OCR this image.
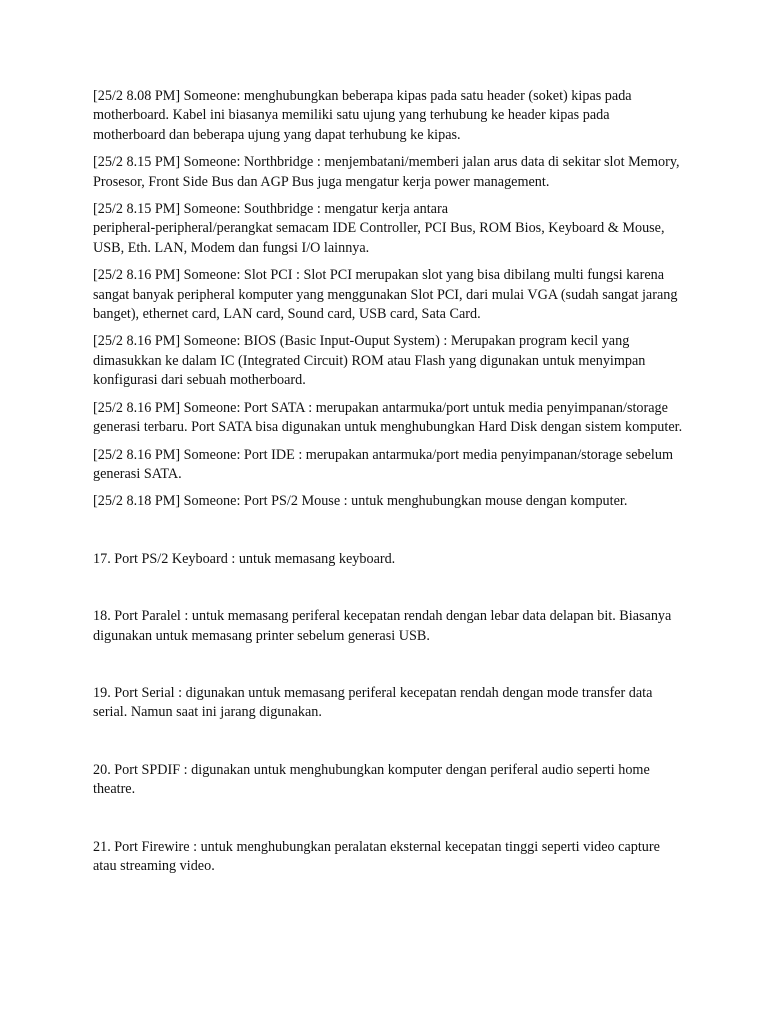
[25/2 8.08 PM] Someone: menghubungkan beberapa kipas pada satu header (soket) kipas pada motherboard. Kabel ini biasanya memiliki satu ujung yang terhubung ke header kipas pada motherboard dan beberapa ujung yang dapat terhubung ke kipas.

[25/2 8.15 PM] Someone: Northbridge : menjembatani/memberi jalan arus data di sekitar slot Memory, Prosesor, Front Side Bus dan AGP Bus juga mengatur kerja power management.

[25/2 8.15 PM] Someone: Southbridge : mengatur kerja antara
peripheral-peripheral/perangkat semacam IDE Controller, PCI Bus, ROM Bios, Keyboard & Mouse, USB, Eth. LAN, Modem dan fungsi I/O lainnya.

[25/2 8.16 PM] Someone: Slot PCI : Slot PCI merupakan slot yang bisa dibilang multi fungsi karena sangat banyak peripheral komputer yang menggunakan Slot PCI, dari mulai VGA (sudah sangat jarang banget), ethernet card, LAN card, Sound card, USB card, Sata Card.

[25/2 8.16 PM] Someone: BIOS (Basic Input-Ouput System) : Merupakan program kecil yang dimasukkan ke dalam IC (Integrated Circuit) ROM atau Flash yang digunakan untuk menyimpan konfigurasi dari sebuah motherboard.

[25/2 8.16 PM] Someone: Port SATA : merupakan antarmuka/port untuk media penyimpanan/storage generasi terbaru. Port SATA bisa digunakan untuk menghubungkan Hard Disk dengan sistem komputer.

[25/2 8.16 PM] Someone: Port IDE : merupakan antarmuka/port media penyimpanan/storage sebelum generasi SATA.

[25/2 8.18 PM] Someone: Port PS/2 Mouse : untuk menghubungkan mouse dengan komputer.

17. Port PS/2 Keyboard : untuk memasang keyboard.

18. Port Paralel : untuk memasang periferal kecepatan rendah dengan lebar data delapan bit. Biasanya   digunakan untuk memasang printer sebelum generasi USB.

19. Port Serial : digunakan untuk memasang periferal kecepatan rendah dengan mode transfer data serial. Namun saat ini jarang digunakan.

20. Port SPDIF : digunakan untuk menghubungkan komputer dengan periferal audio seperti home theatre.

21. Port Firewire : untuk menghubungkan peralatan eksternal kecepatan tinggi seperti video capture atau streaming video.
